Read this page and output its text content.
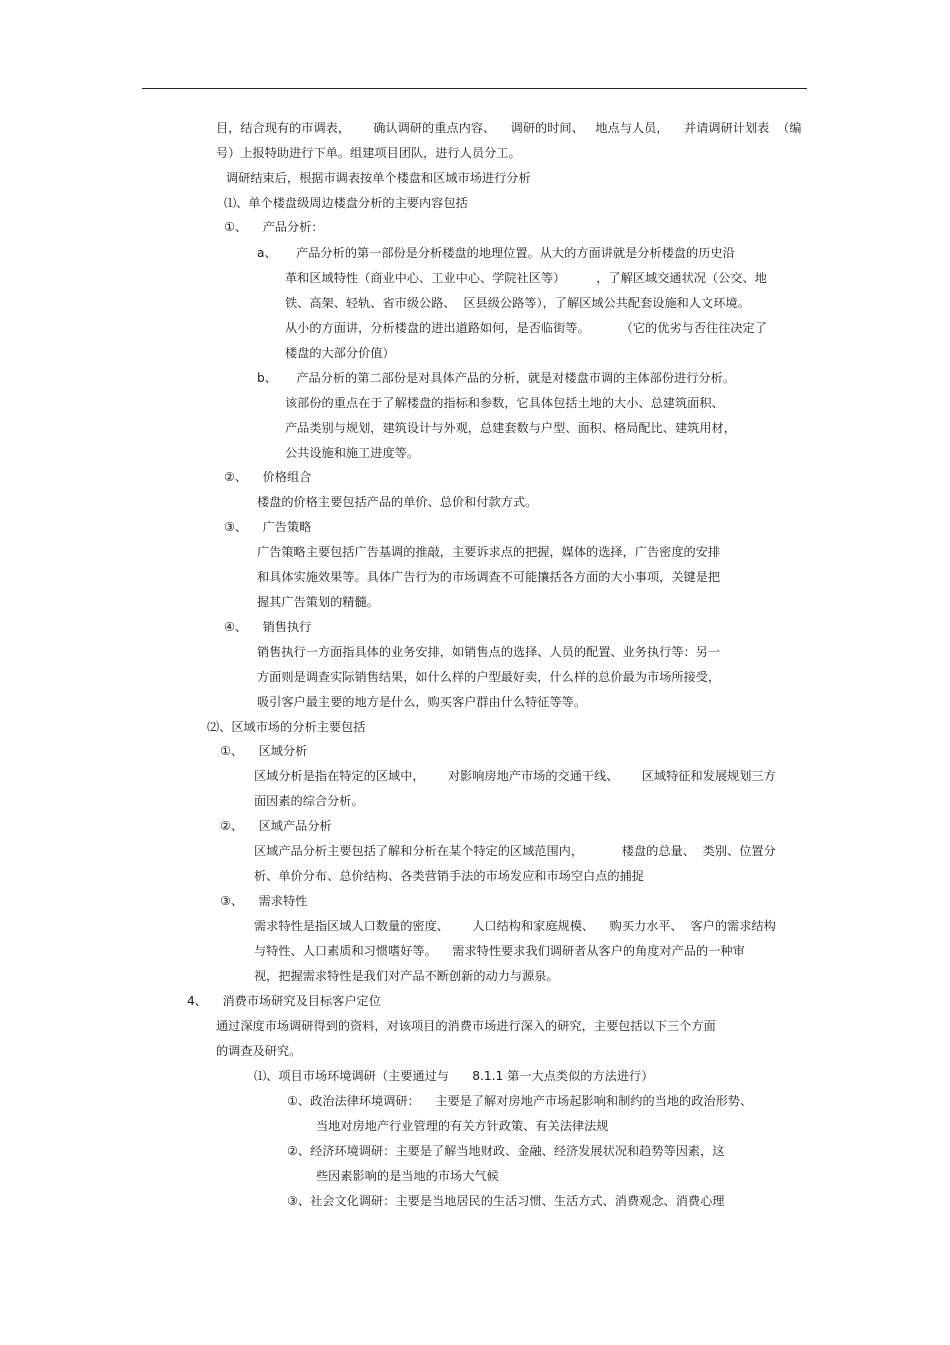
目，结合现有的市调表，      确认调研的重点内容、    调研的时间、   地点与人员，    并请调研计划表  （编
号）上报特助进行下单。组建项目团队，进行人员分工。
调研结束后，根据市调表按单个楼盘和区域市场进行分析
⑴、单个楼盘级周边楼盘分析的主要内容包括
①、    产品分析：
a、     产品分析的第一部份是分析楼盘的地理位置。从大的方面讲就是分析楼盘的历史沿
革和区域特性（商业中心、工业中心、学院社区等）        ，了解区域交通状况（公交、地
铁、高架、轻轨、省市级公路、  区县级公路等），了解区域公共配套设施和人文环境。
从小的方面讲，分析楼盘的进出道路如何，是否临街等。        （它的优劣与否往往决定了
楼盘的大部分价值）
b、     产品分析的第二部份是对具体产品的分析，就是对楼盘市调的主体部份进行分析。
该部份的重点在于了解楼盘的指标和参数，它具体包括土地的大小、总建筑面积、
产品类别与规划，建筑设计与外观，总建套数与户型、面积、格局配比、建筑用材，
公共设施和施工进度等。
②、    价格组合
楼盘的价格主要包括产品的单价、总价和付款方式。
③、    广告策略
广告策略主要包括广告基调的推敲，主要诉求点的把握，媒体的选择，广告密度的安排
和具体实施效果等。具体广告行为的市场调查不可能攘括各方面的大小事项，关键是把
握其广告策划的精髓。
④、    销售执行
销售执行一方面指具体的业务安排，如销售点的选择、人员的配置、业务执行等：另一
方面则是调查实际销售结果，如什么样的户型最好卖，什么样的总价最为市场所接受，
吸引客户最主要的地方是什么，购买客户群由什么特征等等。
⑵、区域市场的分析主要包括
①、    区域分析
区域分析是指在特定的区域中，      对影响房地产市场的交通干线、      区域特征和发展规划三方
面因素的综合分析。
②、    区域产品分析
区域产品分析主要包括了解和分析在某个特定的区域范围内，          楼盘的总量、  类别、位置分
析、单价分布、总价结构、各类营销手法的市场发应和市场空白点的捕捉
③、    需求特性
需求特性是指区域人口数量的密度、      人口结构和家庭规模、    购买力水平、  客户的需求结构
与特性、人口素质和习惯嗜好等。    需求特性要求我们调研者从客户的角度对产品的一种审
视，把握需求特性是我们对产品不断创新的动力与源泉。
4、    消费市场研究及目标客户定位
通过深度市场调研得到的资料，对该项目的消费市场进行深入的研究，主要包括以下三个方面
的调查及研究。
⑴、项目市场环境调研（主要通过与      8.1.1 第一大点类似的方法进行）
①、政治法律环境调研：    主要是了解对房地产市场起影响和制约的当地的政治形势、
当地对房地产行业管理的有关方针政策、有关法律法规
②、经济环境调研：主要是了解当地财政、金融、经济发展状况和趋势等因素，这
些因素影响的是当地的市场大气候
③、社会文化调研：主要是当地居民的生活习惯、生活方式、消费观念、消费心理
